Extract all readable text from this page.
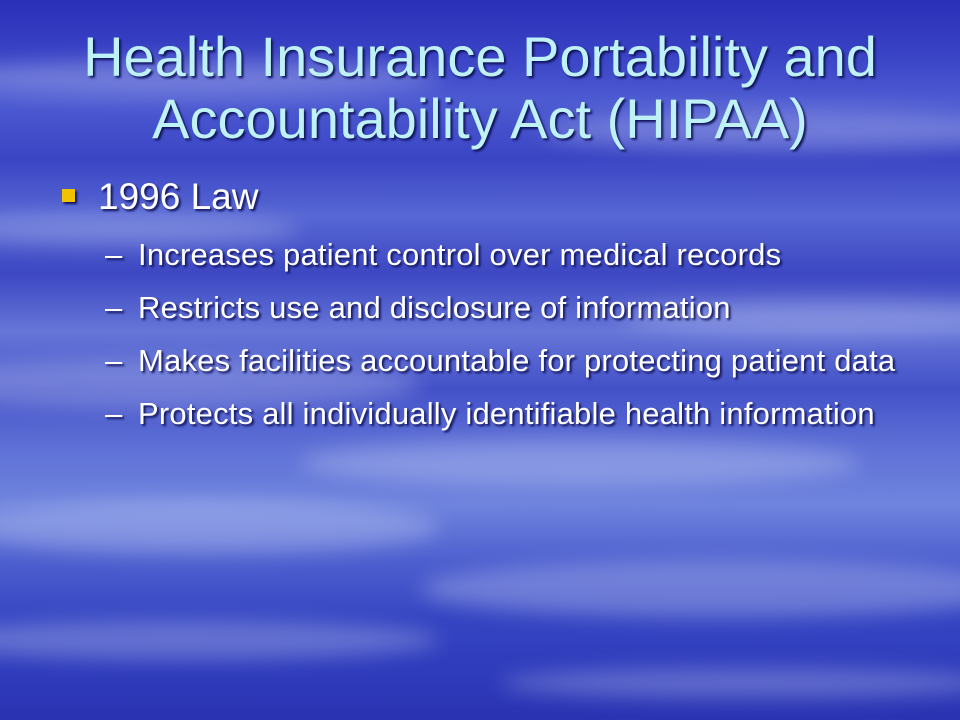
Health Insurance Portability and Accountability Act (HIPAA)
1996 Law
– Increases patient control over medical records
– Restricts use and disclosure of information
– Makes facilities accountable for protecting patient data
– Protects all individually identifiable health information
